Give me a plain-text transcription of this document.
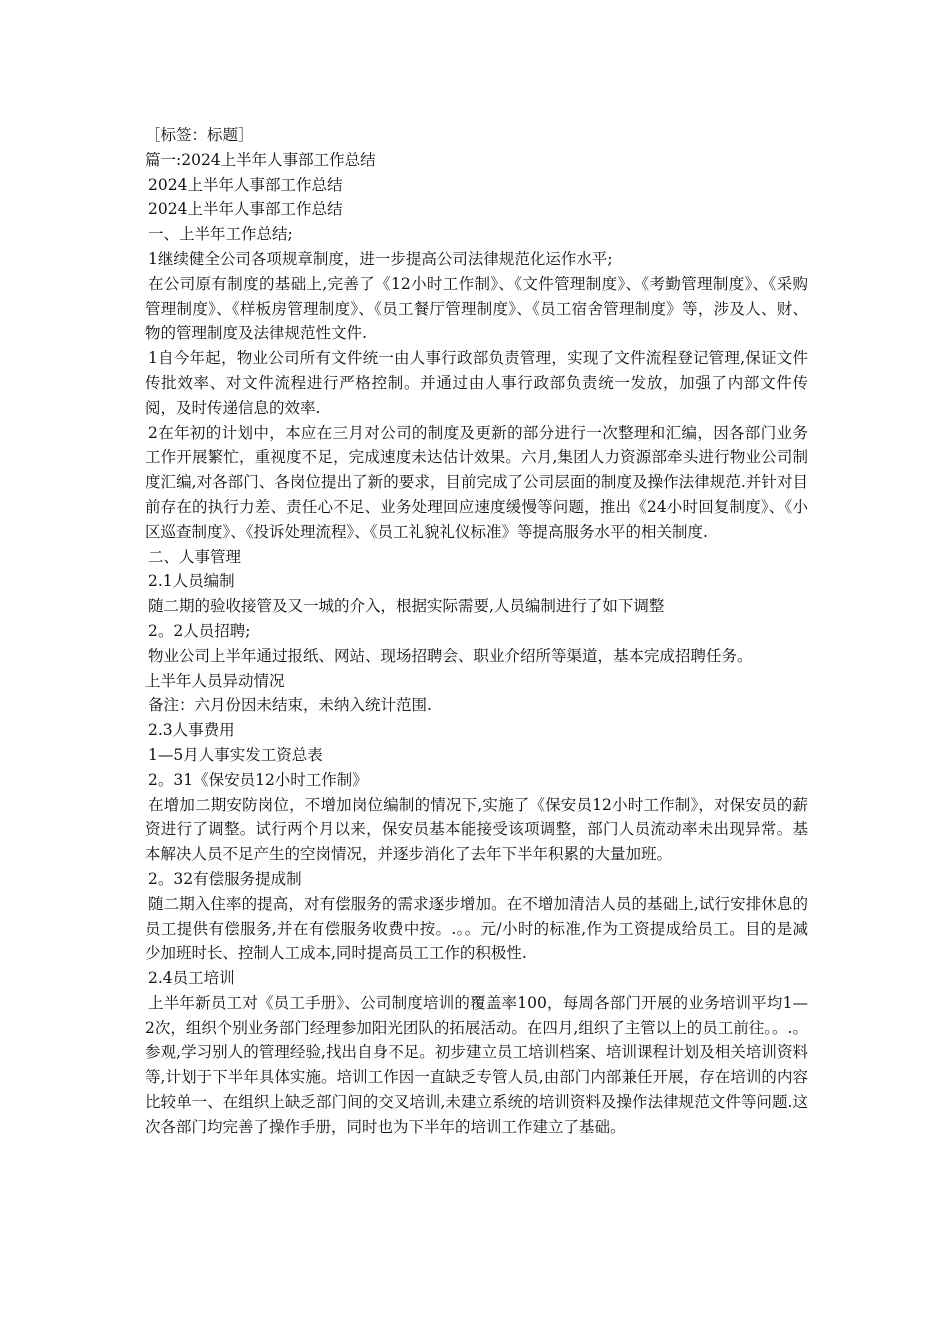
［标签：标题］

篇一:2024上半年人事部工作总结

2024上半年人事部工作总结

2024上半年人事部工作总结

一、上半年工作总结;

1继续健全公司各项规章制度，进一步提高公司法律规范化运作水平;

在公司原有制度的基础上,完善了《12小时工作制》、《文件管理制度》、《考勤管理制度》、《采购管理制度》、《样板房管理制度》、《员工餐厅管理制度》、《员工宿舍管理制度》等，涉及人、财、物的管理制度及法律规范性文件.

1自今年起，物业公司所有文件统一由人事行政部负责管理，实现了文件流程登记管理,保证文件传批效率、对文件流程进行严格控制。并通过由人事行政部负责统一发放，加强了内部文件传阅，及时传递信息的效率.

2在年初的计划中，本应在三月对公司的制度及更新的部分进行一次整理和汇编，因各部门业务工作开展繁忙，重视度不足，完成速度未达估计效果。六月,集团人力资源部牵头进行物业公司制度汇编,对各部门、各岗位提出了新的要求，目前完成了公司层面的制度及操作法律规范.并针对目前存在的执行力差、责任心不足、业务处理回应速度缓慢等问题，推出《24小时回复制度》、《小区巡查制度》、《投诉处理流程》、《员工礼貌礼仪标准》等提高服务水平的相关制度.

二、人事管理

2.1人员编制

随二期的验收接管及又一城的介入，根据实际需要,人员编制进行了如下调整

2。2人员招聘;

物业公司上半年通过报纸、网站、现场招聘会、职业介绍所等渠道，基本完成招聘任务。

上半年人员异动情况

备注：六月份因未结束，未纳入统计范围.

2.3人事费用

1—5月人事实发工资总表

2。31《保安员12小时工作制》

在增加二期安防岗位，不增加岗位编制的情况下,实施了《保安员12小时工作制》，对保安员的薪资进行了调整。试行两个月以来，保安员基本能接受该项调整，部门人员流动率未出现异常。基本解决人员不足产生的空岗情况，并逐步消化了去年下半年积累的大量加班。

2。32有偿服务提成制

随二期入住率的提高，对有偿服务的需求逐步增加。在不增加清洁人员的基础上,试行安排休息的员工提供有偿服务,并在有偿服务收费中按。.。。元/小时的标准,作为工资提成给员工。目的是减少加班时长、控制人工成本,同时提高员工工作的积极性.

2.4员工培训

上半年新员工对《员工手册》、公司制度培训的覆盖率100，每周各部门开展的业务培训平均1—2次，组织个别业务部门经理参加阳光团队的拓展活动。在四月,组织了主管以上的员工前往。。.。参观,学习别人的管理经验,找出自身不足。初步建立员工培训档案、培训课程计划及相关培训资料等,计划于下半年具体实施。培训工作因一直缺乏专管人员,由部门内部兼任开展，存在培训的内容比较单一、在组织上缺乏部门间的交叉培训,未建立系统的培训资料及操作法律规范文件等问题.这次各部门均完善了操作手册，同时也为下半年的培训工作建立了基础。
